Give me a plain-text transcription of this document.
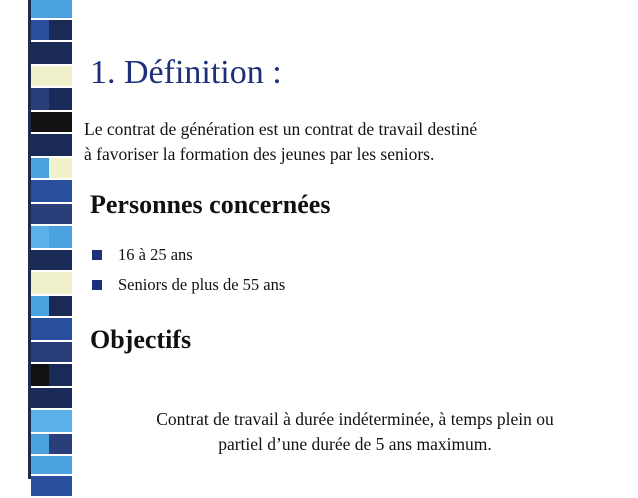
1. Définition :

Le contrat de génération est un contrat de travail destiné
à favoriser la formation des jeunes par les seniors.

Personnes concernées
16 à 25 ans
Seniors de plus de 55 ans
Objectifs

Contrat de travail à durée indéterminée, à temps plein ou
partiel d’une durée de 5 ans maximum.
